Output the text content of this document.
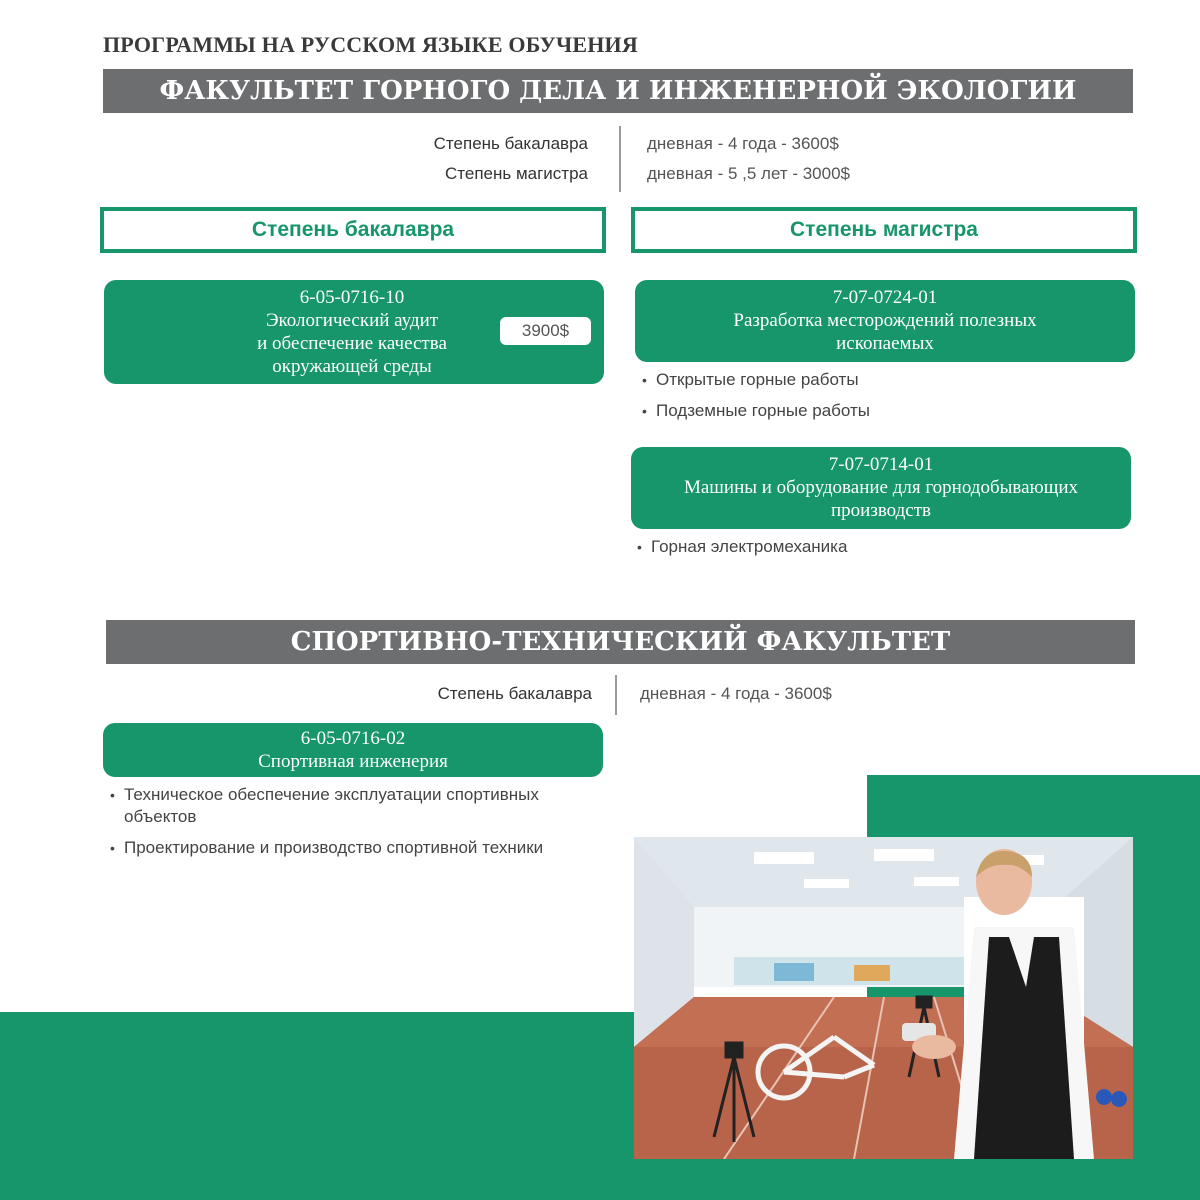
ПРОГРАММЫ НА РУССКОМ ЯЗЫКЕ ОБУЧЕНИЯ
ФАКУЛЬТЕТ ГОРНОГО ДЕЛА И ИНЖЕНЕРНОЙ ЭКОЛОГИИ
Степень бакалавра
Степень магистра
дневная - 4 года - 3600$
дневная - 5 ,5 лет - 3000$
Степень бакалавра	Степень магистра
6-05-0716-10
Экологический аудит
и обеспечение качества
окружающей среды
3900$
7-07-0724-01
Разработка месторождений полезных
ископаемых
• Открытые горные работы
• Подземные горные работы
7-07-0714-01
Машины и оборудование для горнодобывающих
производств
• Горная электромеханика
СПОРТИВНО-ТЕХНИЧЕСКИЙ ФАКУЛЬТЕТ
Степень бакалавра	дневная - 4 года - 3600$
6-05-0716-02
Спортивная инженерия
• Техническое обеспечение эксплуатации спортивных объектов
• Проектирование и производство спортивной техники
